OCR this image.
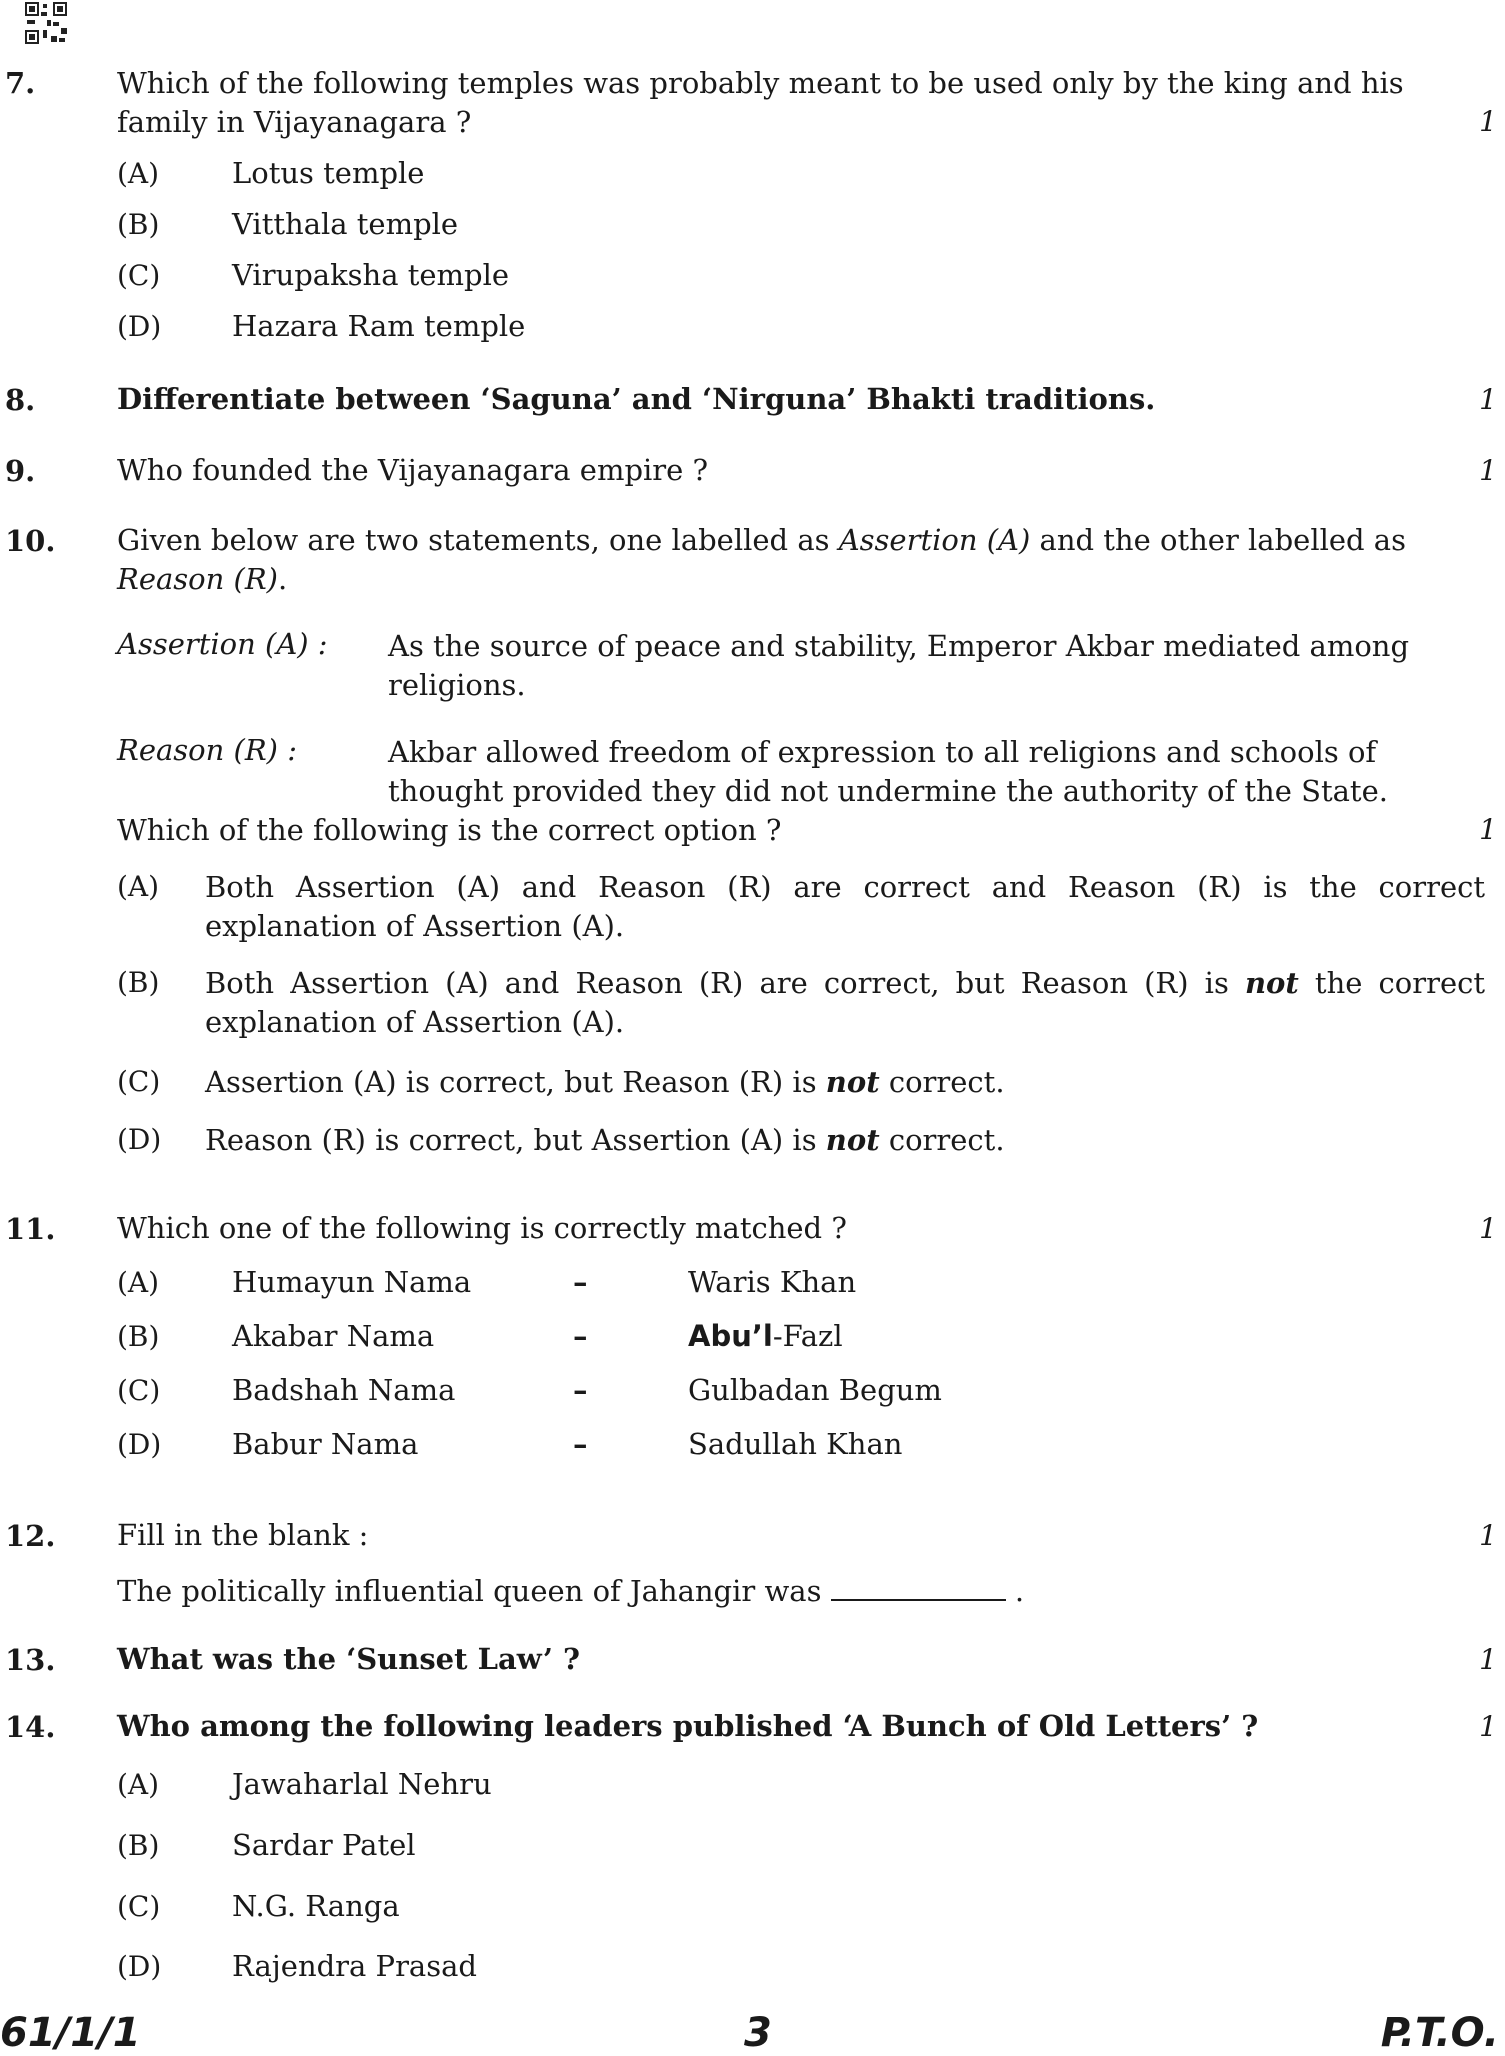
7.	Which of the following temples was probably meant to be used only by the king and his family in Vijayanagara ?	1
(A)	Lotus temple
(B)	Vitthala temple
(C) Virupaksha temple
(D) Hazara Ram temple
8.	Differentiate between ‘Saguna’ and ‘Nirguna’ Bhakti traditions.	1
9.	Who founded the Vijayanagara empire ?	1
10. Given below are two statements, one labelled as Assertion (A) and the other labelled as Reason (R).
Assertion (A) : As the source of peace and stability, Emperor Akbar mediated among religions.
Reason (R) :	Akbar allowed freedom of expression to all religions and schools of thought provided they did not undermine the authority of the State.
Which of the following is the correct option ?	1
(A) Both Assertion (A) and Reason (R) are correct and Reason (R) is the correct explanation of Assertion (A).
(B) Both Assertion (A) and Reason (R) are correct, but Reason (R) is not the correct explanation of Assertion (A).
(C) Assertion (A) is correct, but Reason (R) is not correct.
(D) Reason (R) is correct, but Assertion (A) is not correct.
11. Which one of the following is correctly matched ?	1
(A)	Humayun Nama	–	Waris Khan
(B)	Akabar Nama	–	Abu’l-Fazl
(C) Badshah Nama	–	Gulbadan Begum
(D) Babur Nama	–	Sadullah Khan
12. Fill in the blank :	1
The politically influential queen of Jahangir was	.
13. What was the ‘Sunset Law’ ?	1
14. Who among the following leaders published ‘A Bunch of Old Letters’ ?	1
(A)	Jawaharlal Nehru
(B)	Sardar Patel
(C) N.G. Ranga
(D) Rajendra Prasad
61/1/1	3	P.T.O.
